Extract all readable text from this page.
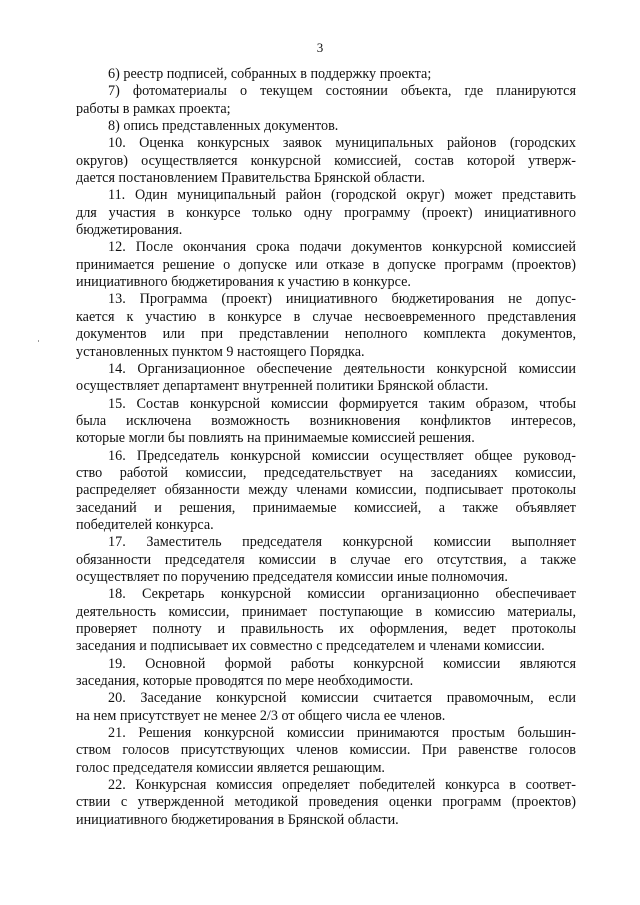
3
6) реестр подписей, собранных в поддержку проекта;
7) фотоматериалы о текущем состоянии объекта, где планируются
работы в рамках проекта;
8) опись представленных документов.
10. Оценка конкурсных заявок муниципальных районов (городских
округов) осуществляется конкурсной комиссией, состав которой утверж-
дается постановлением Правительства Брянской области.
11. Один муниципальный район (городской округ) может представить
для участия в конкурсе только одну программу (проект) инициативного
бюджетирования.
12. После окончания срока подачи документов конкурсной комиссией
принимается решение о допуске или отказе в допуске программ (проектов)
инициативного бюджетирования к участию в конкурсе.
13. Программа (проект) инициативного бюджетирования не допус-
кается к участию в конкурсе в случае несвоевременного представления
документов или при представлении неполного комплекта документов,
установленных пунктом 9 настоящего Порядка.
14. Организационное обеспечение деятельности конкурсной комиссии
осуществляет департамент внутренней политики Брянской области.
15. Состав конкурсной комиссии формируется таким образом, чтобы
была исключена возможность возникновения конфликтов интересов,
которые могли бы повлиять на принимаемые комиссией решения.
16. Председатель конкурсной комиссии осуществляет общее руковод-
ство работой комиссии, председательствует на заседаниях комиссии,
распределяет обязанности между членами комиссии, подписывает протоколы
заседаний и решения, принимаемые комиссией, а также объявляет
победителей конкурса.
17. Заместитель председателя конкурсной комиссии выполняет
обязанности председателя комиссии в случае его отсутствия, а также
осуществляет по поручению председателя комиссии иные полномочия.
18. Секретарь конкурсной комиссии организационно обеспечивает
деятельность комиссии, принимает поступающие в комиссию материалы,
проверяет полноту и правильность их оформления, ведет протоколы
заседания и подписывает их совместно с председателем и членами комиссии.
19. Основной формой работы конкурсной комиссии являются
заседания, которые проводятся по мере необходимости.
20. Заседание конкурсной комиссии считается правомочным, если
на нем присутствует не менее 2/3 от общего числа ее членов.
21. Решения конкурсной комиссии принимаются простым большин-
ством голосов присутствующих членов комиссии. При равенстве голосов
голос председателя комиссии является решающим.
22. Конкурсная комиссия определяет победителей конкурса в соответ-
ствии с утвержденной методикой проведения оценки программ (проектов)
инициативного бюджетирования в Брянской области.
